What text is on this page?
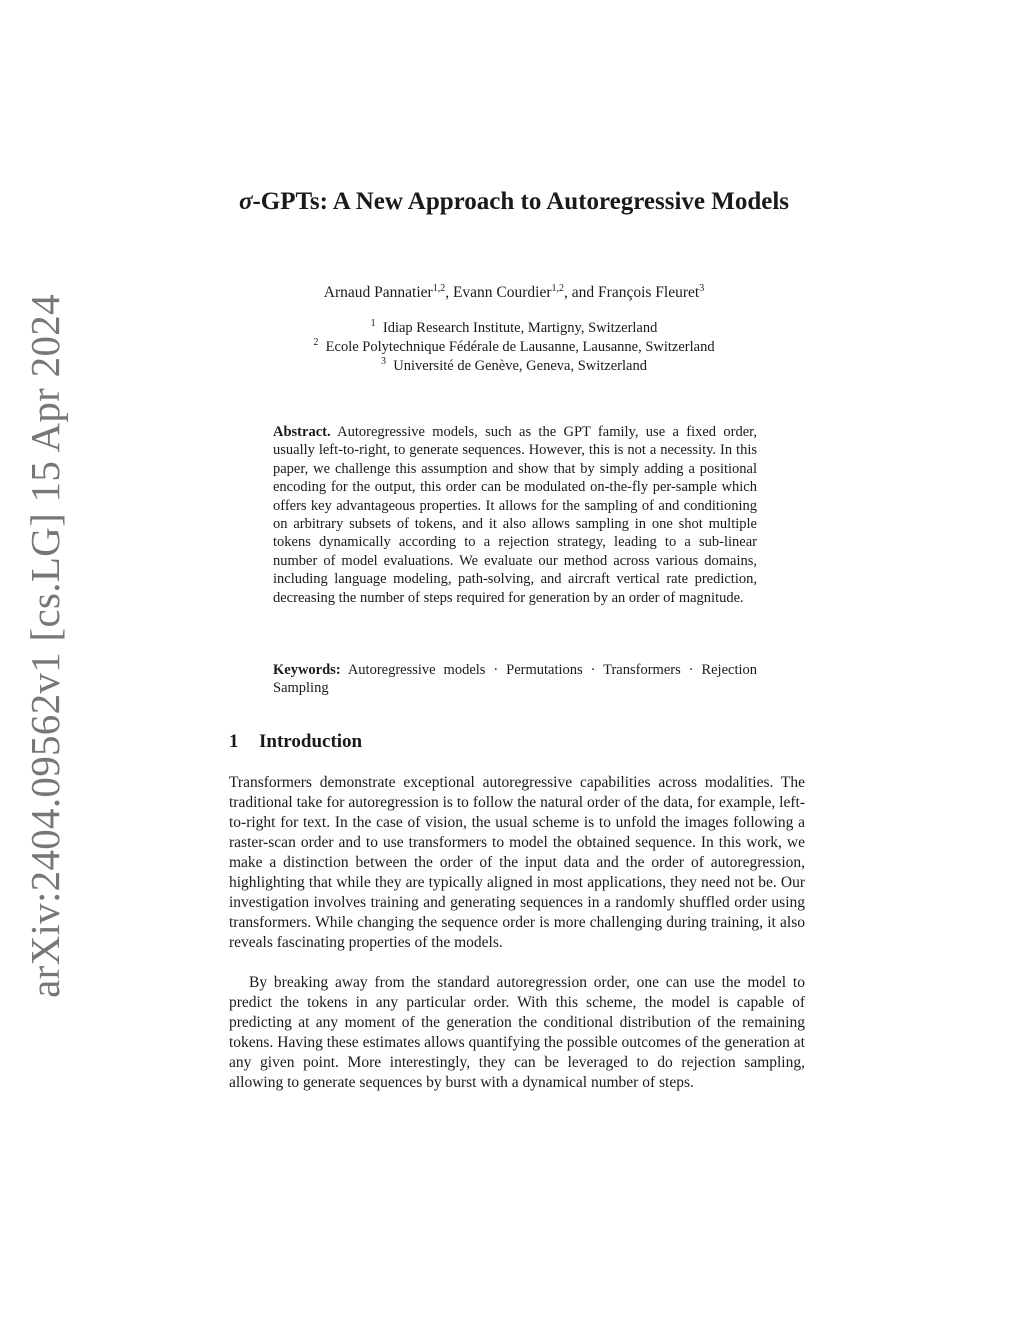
arXiv:2404.09562v1 [cs.LG] 15 Apr 2024
σ-GPTs: A New Approach to Autoregressive Models
Arnaud Pannatier$^{1,2}$, Evann Courdier$^{1,2}$, and François Fleuret$^3$
$^1$ Idiap Research Institute, Martigny, Switzerland
$^2$ Ecole Polytechnique Fédérale de Lausanne, Lausanne, Switzerland
$^3$ Université de Genève, Geneva, Switzerland

Abstract. Autoregressive models, such as the GPT family, use a fixed order, usually left-to-right, to generate sequences. However, this is not a necessity. In this paper, we challenge this assumption and show that by simply adding a positional encoding for the output, this order can be modulated on-the-fly per-sample which offers key advantageous properties. It allows for the sampling of and conditioning on arbitrary subsets of tokens, and it also allows sampling in one shot multiple tokens dynamically according to a rejection strategy, leading to a sub-linear number of model evaluations. We evaluate our method across various domains, including language modeling, path-solving, and aircraft vertical rate prediction, decreasing the number of steps required for generation by an order of magnitude.

Keywords: Autoregressive models · Permutations · Transformers · Rejection Sampling

1 Introduction

Transformers demonstrate exceptional autoregressive capabilities across modalities. The traditional take for autoregression is to follow the natural order of the data, for example, left-to-right for text. In the case of vision, the usual scheme is to unfold the images following a raster-scan order and to use transformers to model the obtained sequence. In this work, we make a distinction between the order of the input data and the order of autoregression, highlighting that while they are typically aligned in most applications, they need not be. Our investigation involves training and generating sequences in a randomly shuffled order using transformers. While changing the sequence order is more challenging during training, it also reveals fascinating properties of the models.

By breaking away from the standard autoregression order, one can use the model to predict the tokens in any particular order. With this scheme, the model is capable of predicting at any moment of the generation the conditional distribution of the remaining tokens. Having these estimates allows quantifying the possible outcomes of the generation at any given point. More interestingly, they can be leveraged to do rejection sampling, allowing to generate sequences by burst with a dynamical number of steps.
